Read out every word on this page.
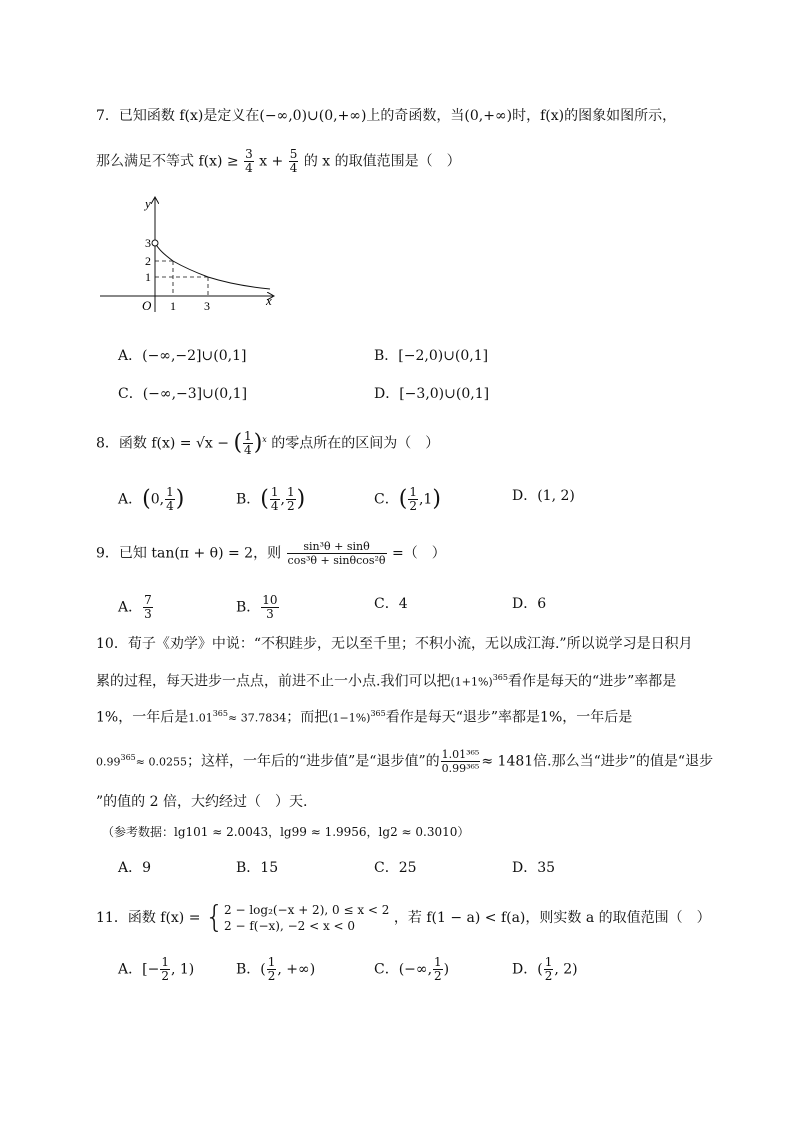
7．已知函数 f(x)是定义在(−∞,0)∪(0,+∞)上的奇函数，当(0,+∞)时，f(x)的图象如图所示，
那么满足不等式 $f(x) \ge \frac{3}{4}$ $x + \frac{5}{4}$ 的 x 的取值范围是（　）
y
x
O
3
2
1
1 3
A．(−∞,−2]∪(0,1]	B．[−2,0)∪(0,1]
C．(−∞,−3]∪(0,1]	D．[−3,0)∪(0,1]
8．函数 f(x) = √x − ( $\frac{1}{4} )^x$ 的零点所在的区间为（　）
A．(0, $\frac{1}{4}$ )	B．( $\frac{1}{4}$ , $\frac{1}{2}$ )	C．( $\frac{1}{2} ,1$)	D．(1, 2)
9．已知 tan(π + θ) = 2，则 $\frac{\text{sin³θ + sinθ}}{\text{cos³θ + sinθcos²θ}}$ =（　）
A． $\frac{7}{3}$	B． $\frac{10}{3}$	C．4	D．6
10．荀子《劝学》中说：“不积跬步，无以至千里；不积小流，无以成江海.”所以说学习是日积月
累的过程，每天进步一点点，前进不止一小点.我们可以把$(1+1\%)^{365}$看作是每天的“进步”率都是
1%，一年后是$1.01^{365}\approx 37.7834$；而把$(1-1\%)^{365}$看作是每天“退步”率都是1%，一年后是
$0.99^{365}\approx 0.0255$；这样，一年后的“进步值”是“退步值”的 $\frac{\text{1.01³⁶⁵}}{\text{0.99³⁶⁵}} \approx 1481$倍.那么当“进步”的值是“退步
”的值的 2 倍，大约经过（　）天.
（参考数据：lg101 ≈ 2.0043，lg99 ≈ 1.9956，lg2 ≈ 0.3010）
A．9	B．15	C．25	D．35
11．函数 f(x) = { 2 − log₂(−x + 2), 0 ≤ x < 2
2 − f(−x), −2 < x < 0	，若 f(1 − a) < f(a)，则实数 a 的取值范围（　）
A．[− $\frac{1}{2}$ , 1)	B．( $\frac{1}{2}$ , +∞)	C．(−∞, $\frac{1}{2}$ )	D．( $\frac{1}{2}$ , 2)
